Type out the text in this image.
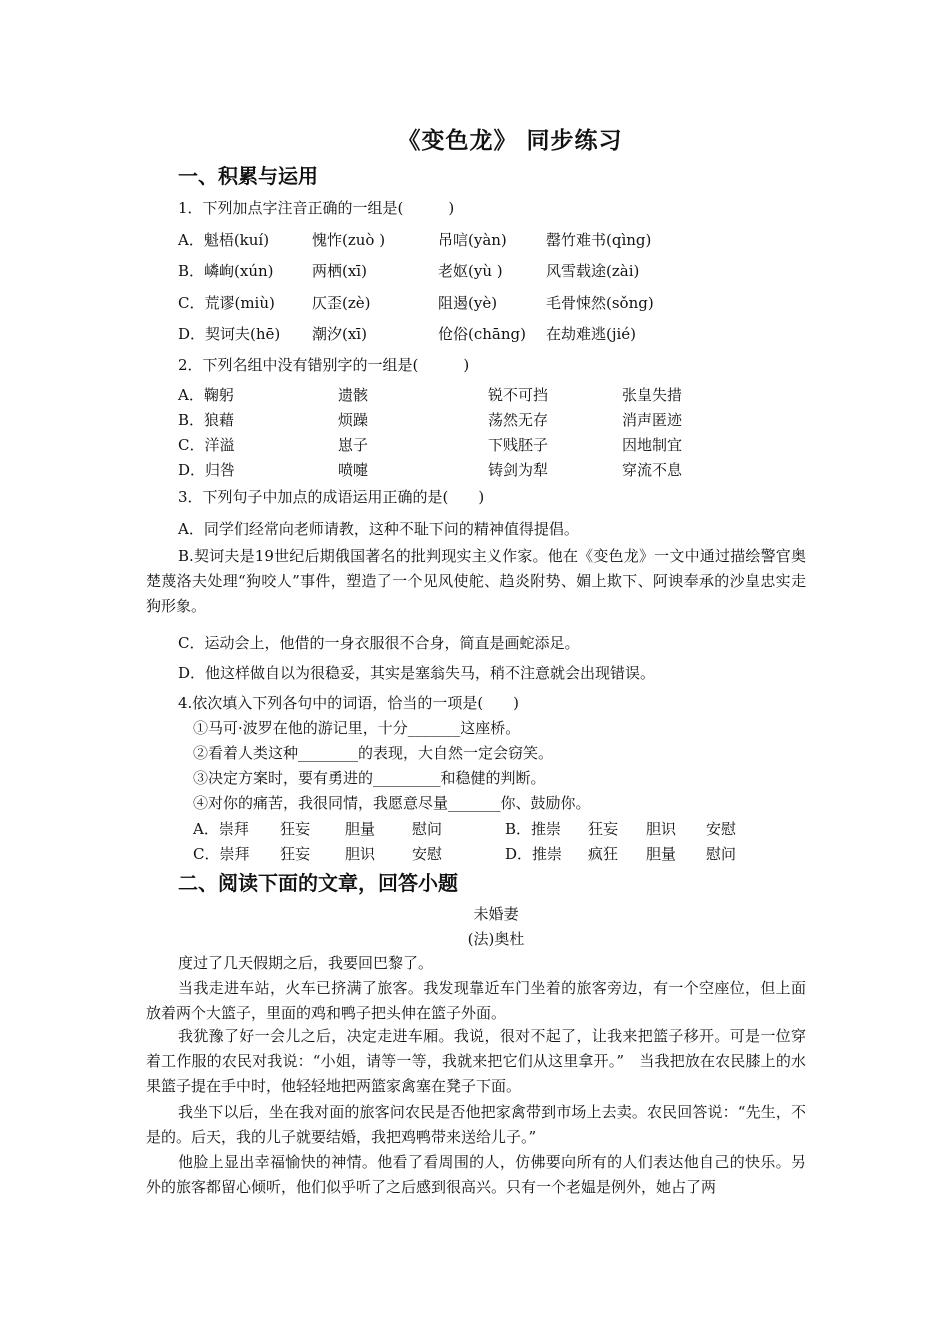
《变色龙》 同步练习
一、积累与运用
1．下列加点字注音正确的一组是(　　　)
A．魁梧(kuí)	愧怍(zuò )	吊唁(yàn)	罄竹难书(qìng)
B．嶙峋(xún)	两栖(xī)	老妪(yù )	风雪载途(zài)
C．荒谬(miù) 仄歪(zè)	阻遏(yè)	毛骨悚然(sǒng)
D．契诃夫(hē) 潮汐(xī)	伧俗(chāng) 在劫难逃(jié)
2．下列名组中没有错别字的一组是(　　　)
A．鞠躬	遗骸	锐不可挡	张皇失措
B．狼藉	烦躁	荡然无存	消声匿迹
C．洋溢	崽子	下贱胚子	因地制宜
D．归咎	喷嚏	铸剑为犁	穿流不息
3．下列句子中加点的成语运用正确的是(　　)
A．同学们经常向老师请教，这种不耻下问的精神值得提倡。
B.契诃夫是19世纪后期俄国著名的批判现实主义作家。他在《变色龙》一文中通过描绘警官奥楚蔑洛夫处理“狗咬人”事件，塑造了一个见风使舵、趋炎附势、媚上欺下、阿谀奉承的沙皇忠实走狗形象。
C．运动会上，他借的一身衣服很不合身，简直是画蛇添足。
D．他这样做自以为很稳妥，其实是塞翁失马，稍不注意就会出现错误。
4.依次填入下列各句中的词语，恰当的一项是(　　)
①马可·波罗在他的游记里，十分_______这座桥。
②看着人类这种________的表现，大自然一定会窃笑。
③决定方案时，要有勇进的_________和稳健的判断。
④对你的痛苦，我很同情，我愿意尽量_______你、鼓励你。
A．崇拜 狂妄 胆量 慰问	B．推崇 狂妄 胆识 安慰
C．崇拜 狂妄 胆识 安慰	D．推崇 疯狂 胆量 慰问
二、阅读下面的文章，回答小题
未婚妻
(法)奥杜
度过了几天假期之后，我要回巴黎了。
当我走进车站，火车已挤满了旅客。我发现靠近车门坐着的旅客旁边，有一个空座位，但上面放着两个大篮子，里面的鸡和鸭子把头伸在篮子外面。
我犹豫了好一会儿之后，决定走进车厢。我说，很对不起了，让我来把篮子移开。可是一位穿着工作服的农民对我说：“小姐，请等一等，我就来把它们从这里拿开。”　当我把放在农民膝上的水果篮子提在手中时，他轻轻地把两篮家禽塞在凳子下面。
我坐下以后，坐在我对面的旅客问农民是否他把家禽带到市场上去卖。农民回答说：“先生，不是的。后天，我的儿子就要结婚，我把鸡鸭带来送给儿子。”
他脸上显出幸福愉快的神情。他看了看周围的人，仿佛要向所有的人们表达他自己的快乐。另外的旅客都留心倾听，他们似乎听了之后感到很高兴。只有一个老媪是例外，她占了两
